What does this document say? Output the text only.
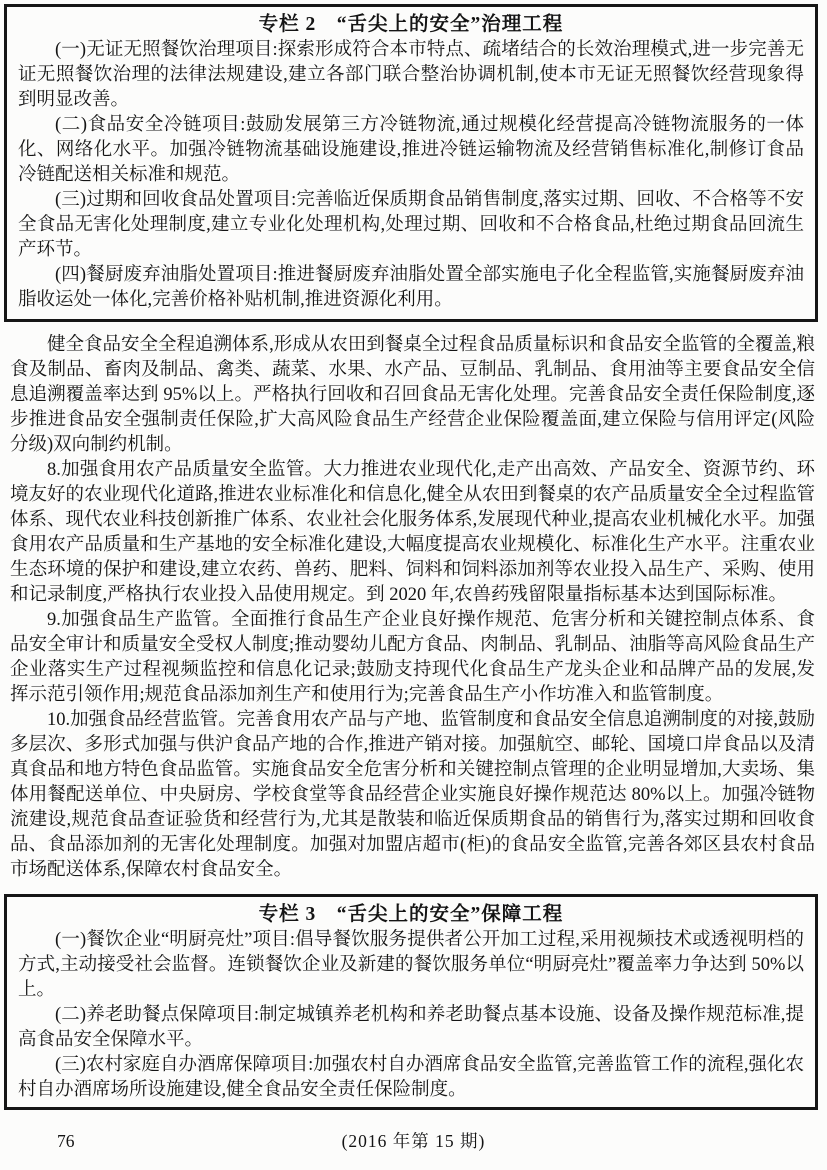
专栏 2　“舌尖上的安全”治理工程

(一)无证无照餐饮治理项目:探索形成符合本市特点、疏堵结合的长效治理模式,进一步完善无证无照餐饮治理的法律法规建设,建立各部门联合整治协调机制,使本市无证无照餐饮经营现象得到明显改善。

(二)食品安全冷链项目:鼓励发展第三方冷链物流,通过规模化经营提高冷链物流服务的一体化、网络化水平。加强冷链物流基础设施建设,推进冷链运输物流及经营销售标准化,制修订食品冷链配送相关标准和规范。

(三)过期和回收食品处置项目:完善临近保质期食品销售制度,落实过期、回收、不合格等不安全食品无害化处理制度,建立专业化处理机构,处理过期、回收和不合格食品,杜绝过期食品回流生产环节。

(四)餐厨废弃油脂处置项目:推进餐厨废弃油脂处置全部实施电子化全程监管,实施餐厨废弃油脂收运处一体化,完善价格补贴机制,推进资源化利用。

健全食品安全全程追溯体系,形成从农田到餐桌全过程食品质量标识和食品安全监管的全覆盖,粮食及制品、畜肉及制品、禽类、蔬菜、水果、水产品、豆制品、乳制品、食用油等主要食品安全信息追溯覆盖率达到 95%以上。严格执行回收和召回食品无害化处理。完善食品安全责任保险制度,逐步推进食品安全强制责任保险,扩大高风险食品生产经营企业保险覆盖面,建立保险与信用评定(风险分级)双向制约机制。

8.加强食用农产品质量安全监管。大力推进农业现代化,走产出高效、产品安全、资源节约、环境友好的农业现代化道路,推进农业标准化和信息化,健全从农田到餐桌的农产品质量安全全过程监管体系、现代农业科技创新推广体系、农业社会化服务体系,发展现代种业,提高农业机械化水平。加强食用农产品质量和生产基地的安全标准化建设,大幅度提高农业规模化、标准化生产水平。注重农业生态环境的保护和建设,建立农药、兽药、肥料、饲料和饲料添加剂等农业投入品生产、采购、使用和记录制度,严格执行农业投入品使用规定。到 2020 年,农兽药残留限量指标基本达到国际标准。

9.加强食品生产监管。全面推行食品生产企业良好操作规范、危害分析和关键控制点体系、食品安全审计和质量安全受权人制度;推动婴幼儿配方食品、肉制品、乳制品、油脂等高风险食品生产企业落实生产过程视频监控和信息化记录;鼓励支持现代化食品生产龙头企业和品牌产品的发展,发挥示范引领作用;规范食品添加剂生产和使用行为;完善食品生产小作坊准入和监管制度。

10.加强食品经营监管。完善食用农产品与产地、监管制度和食品安全信息追溯制度的对接,鼓励多层次、多形式加强与供沪食品产地的合作,推进产销对接。加强航空、邮轮、国境口岸食品以及清真食品和地方特色食品监管。实施食品安全危害分析和关键控制点管理的企业明显增加,大卖场、集体用餐配送单位、中央厨房、学校食堂等食品经营企业实施良好操作规范达 80%以上。加强冷链物流建设,规范食品查证验货和经营行为,尤其是散装和临近保质期食品的销售行为,落实过期和回收食品、食品添加剂的无害化处理制度。加强对加盟店超市(柜)的食品安全监管,完善各郊区县农村食品市场配送体系,保障农村食品安全。

专栏 3　“舌尖上的安全”保障工程

(一)餐饮企业“明厨亮灶”项目:倡导餐饮服务提供者公开加工过程,采用视频技术或透视明档的方式,主动接受社会监督。连锁餐饮企业及新建的餐饮服务单位“明厨亮灶”覆盖率力争达到 50%以上。

(二)养老助餐点保障项目:制定城镇养老机构和养老助餐点基本设施、设备及操作规范标准,提高食品安全保障水平。

(三)农村家庭自办酒席保障项目:加强农村自办酒席食品安全监管,完善监管工作的流程,强化农村自办酒席场所设施建设,健全食品安全责任保险制度。

(2016 年第 15 期)
76
